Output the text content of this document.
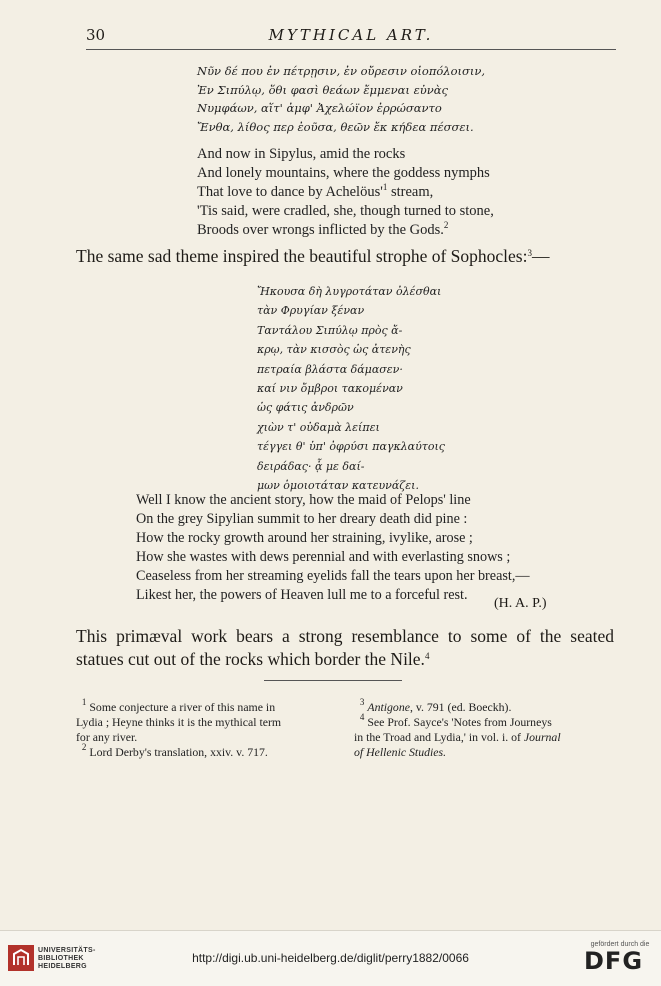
30	MYTHICAL ART.
Νῦν δέ που ἐν πέτρῃσιν, ἐν οὔρεσιν οἰοπόλοισιν,
Ἐν Σιπύλῳ, ὅθι φασὶ θεάων ἔμμεναι εὐνὰς
Νυμφάων, αἵτ' ἀμφ' Ἀχελώϊον ἐρρώσαντο
Ἔνθα, λίθος περ ἐοῦσα, θεῶν ἔκ κήδεα πέσσει.
And now in Sipylus, amid the rocks
And lonely mountains, where the goddess nymphs
That love to dance by $Achelöus'^1$ stream,
'Tis said, were cradled, she, though turned to stone,
Broods over wrongs inflicted by the Gods.$^2$
The same sad theme inspired the beautiful strophe of Sophocles:$^3$—
Ἤκουσα δὴ λυγροτάταν ὀλέσθαι
τὰν Φρυγίαν ξέναν
Ταντάλου Σιπύλῳ πρὸς ἄ-
κρῳ, τὰν κισσὸς ὡς ἀτενὴς
πετραία βλάστα δάμασεν·
καί νιν ὄμβροι τακομέναν
ὡς φάτις ἀνδρῶν
χιὼν τ' οὐδαμὰ λείπει
τέγγει θ' ὑπ' ὀφρύσι παγκλαύτοις
δειράδας· ᾇ με δαί-
μων ὁμοιοτάταν κατευνάζει.
Well I know the ancient story, how the maid of Pelops' line
On the grey Sipylian summit to her dreary death did pine :
How the rocky growth around her straining, ivylike, arose ;
How she wastes with dews perennial and with everlasting snows ;
Ceaseless from her streaming eyelids fall the tears upon her breast,—
Likest her, the powers of Heaven lull me to a forceful rest.
(H. A. P.)
This primæval work bears a strong resemblance to some of the seated statues cut out of the rocks which border the Nile.$^4$
$^1$ Some conjecture a river of this name in
Lydia ; Heyne thinks it is the mythical term
for any river.
$^2$ Lord Derby's translation, xxiv. v. 717.
$^3$ Antigone, v. 791 (ed. Boeckh).
$^4$ See Prof. Sayce's 'Notes from Journeys
in the Troad and Lydia,' in vol. i. of Journal
of Hellenic Studies.
UNIVERSITÄTS-
BIBLIOTHEK
HEIDELBERG
http://digi.ub.uni-heidelberg.de/diglit/perry1882/0066
gefördert durch die
DFG
